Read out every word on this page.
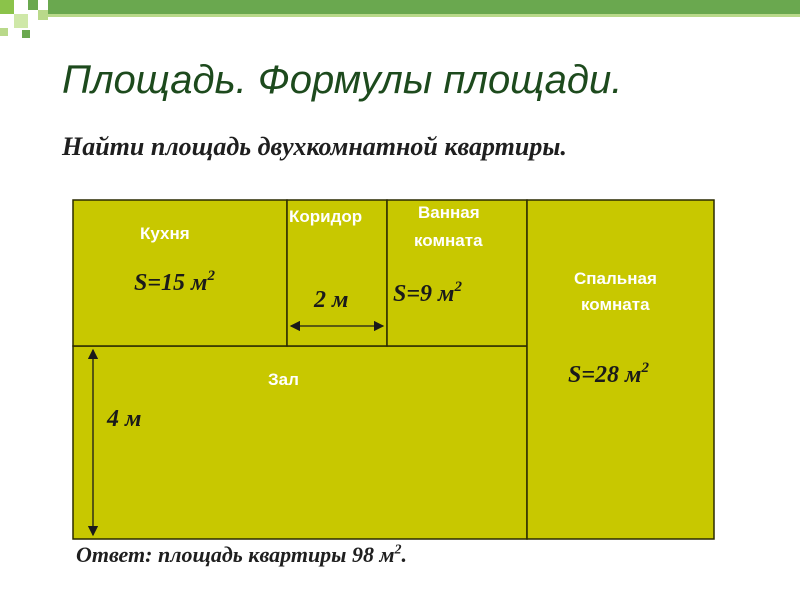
Площадь. Формулы площади.
Найти площадь двухкомнатной квартиры.
Кухня
Коридор	Ванная
комната
Спальная
комната
Зал
S=15 $м^2$
S=9 $м^2$
S=28 $м^2$
2 м
4 м
Ответ: площадь квартиры 98 $м^2$.
